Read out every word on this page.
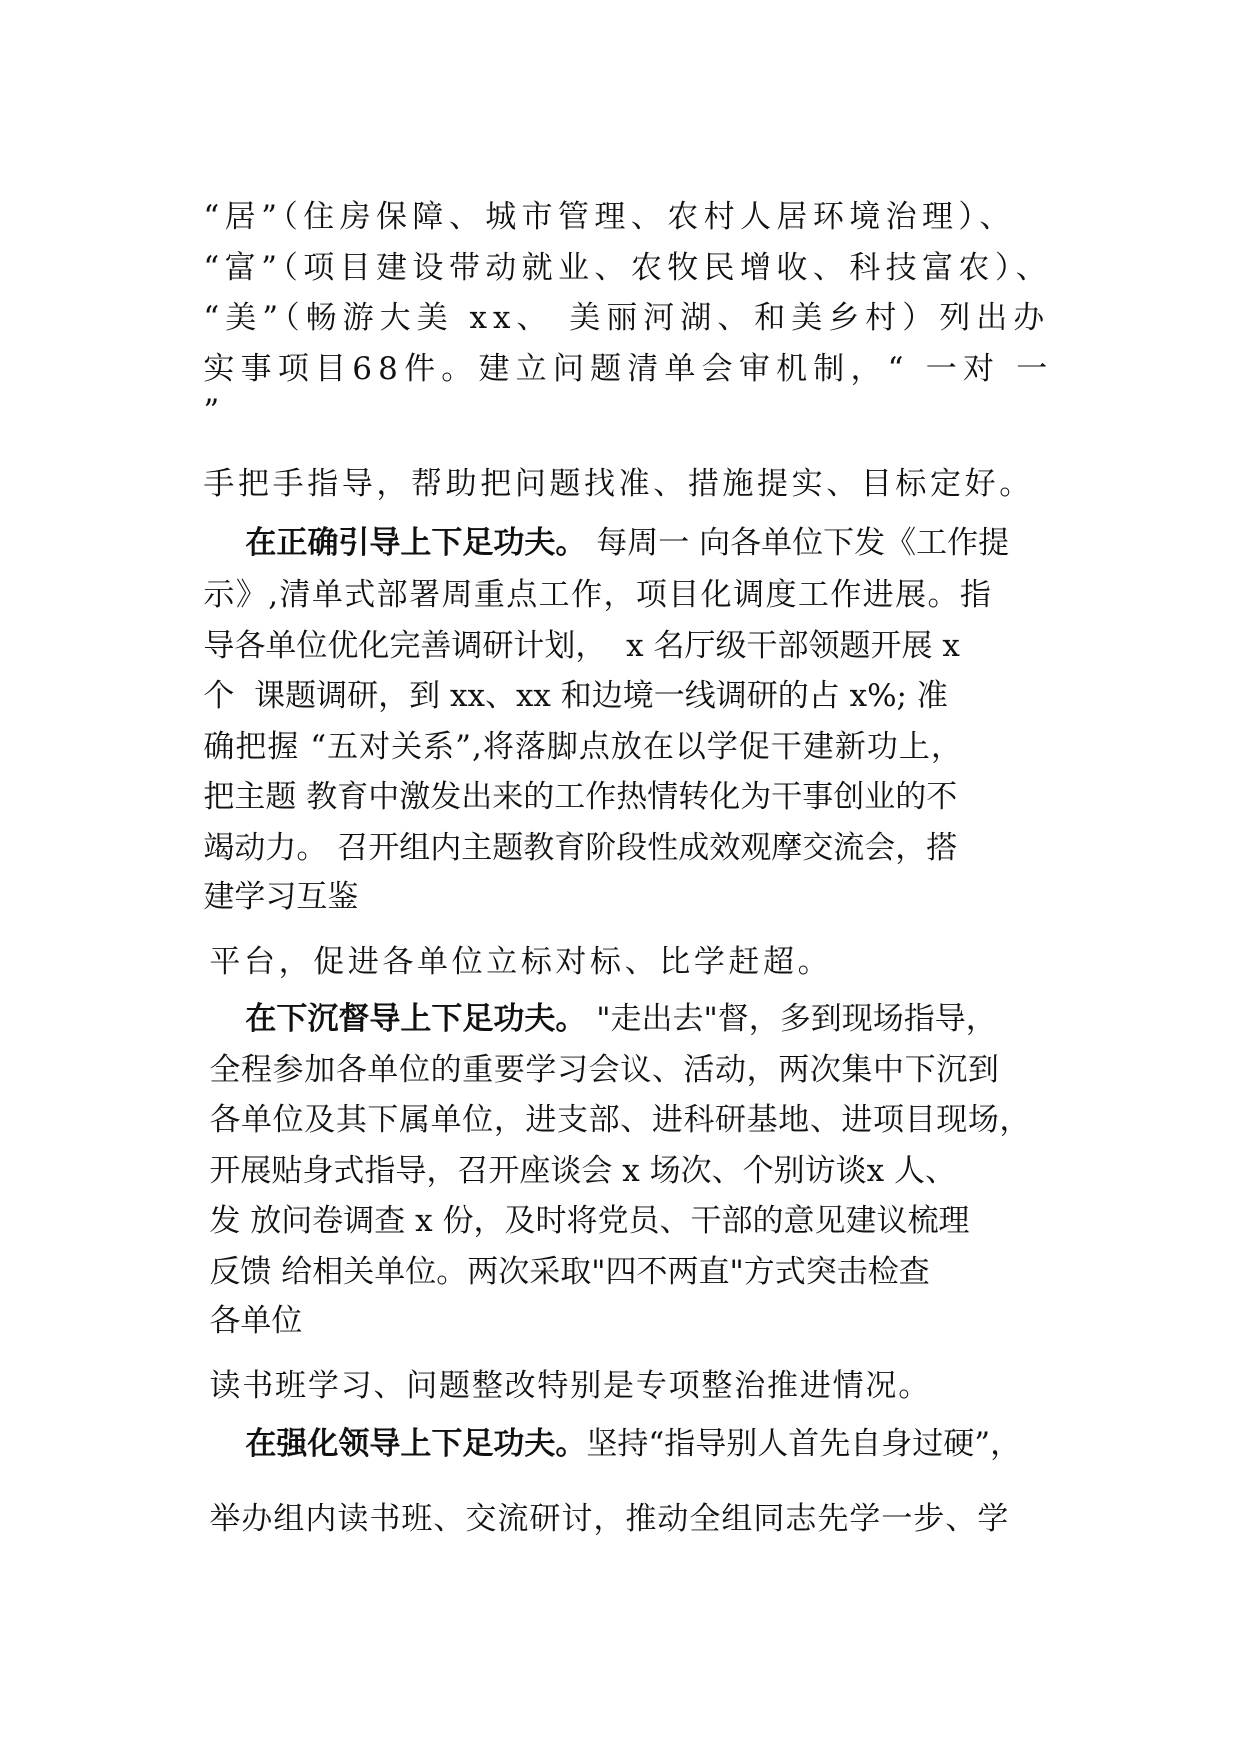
“居”（住房保障、城市管理、农村人居环境治理）、

“富”（项目建设带动就业、农牧民增收、科技富农）、

“美”（畅游大美 xx、 美丽河湖、和美乡村）列出办

实事项目68件。建立问题清单会审机制，“ 一对 一

”

手把手指导，帮助把问题找准、措施提实、目标定好。

在正确引导上下足功夫。 每周一 向各单位下发《工作提

示》,清单式部署周重点工作，项目化调度工作进展。指

导各单位优化完善调研计划，  x 名厅级干部领题开展 x

个  课题调研，到 xx、xx 和边境一线调研的占 x%; 准

确把握 “五对关系”,将落脚点放在以学促干建新功上，

把主题 教育中激发出来的工作热情转化为干事创业的不

竭动力。 召开组内主题教育阶段性成效观摩交流会，搭

建学习互鉴

平台，促进各单位立标对标、比学赶超。

在下沉督导上下足功夫。 "走出去"督，多到现场指导，

全程参加各单位的重要学习会议、活动，两次集中下沉到

各单位及其下属单位，进支部、进科研基地、进项目现场，

开展贴身式指导，召开座谈会 x 场次、个别访谈x 人、

发 放问卷调查 x 份，及时将党员、干部的意见建议梳理

反馈 给相关单位。两次采取"四不两直"方式突击检查

各单位

读书班学习、问题整改特别是专项整治推进情况。

在强化领导上下足功夫。坚持“指导别人首先自身过硬”，

举办组内读书班、交流研讨，推动全组同志先学一步、学
